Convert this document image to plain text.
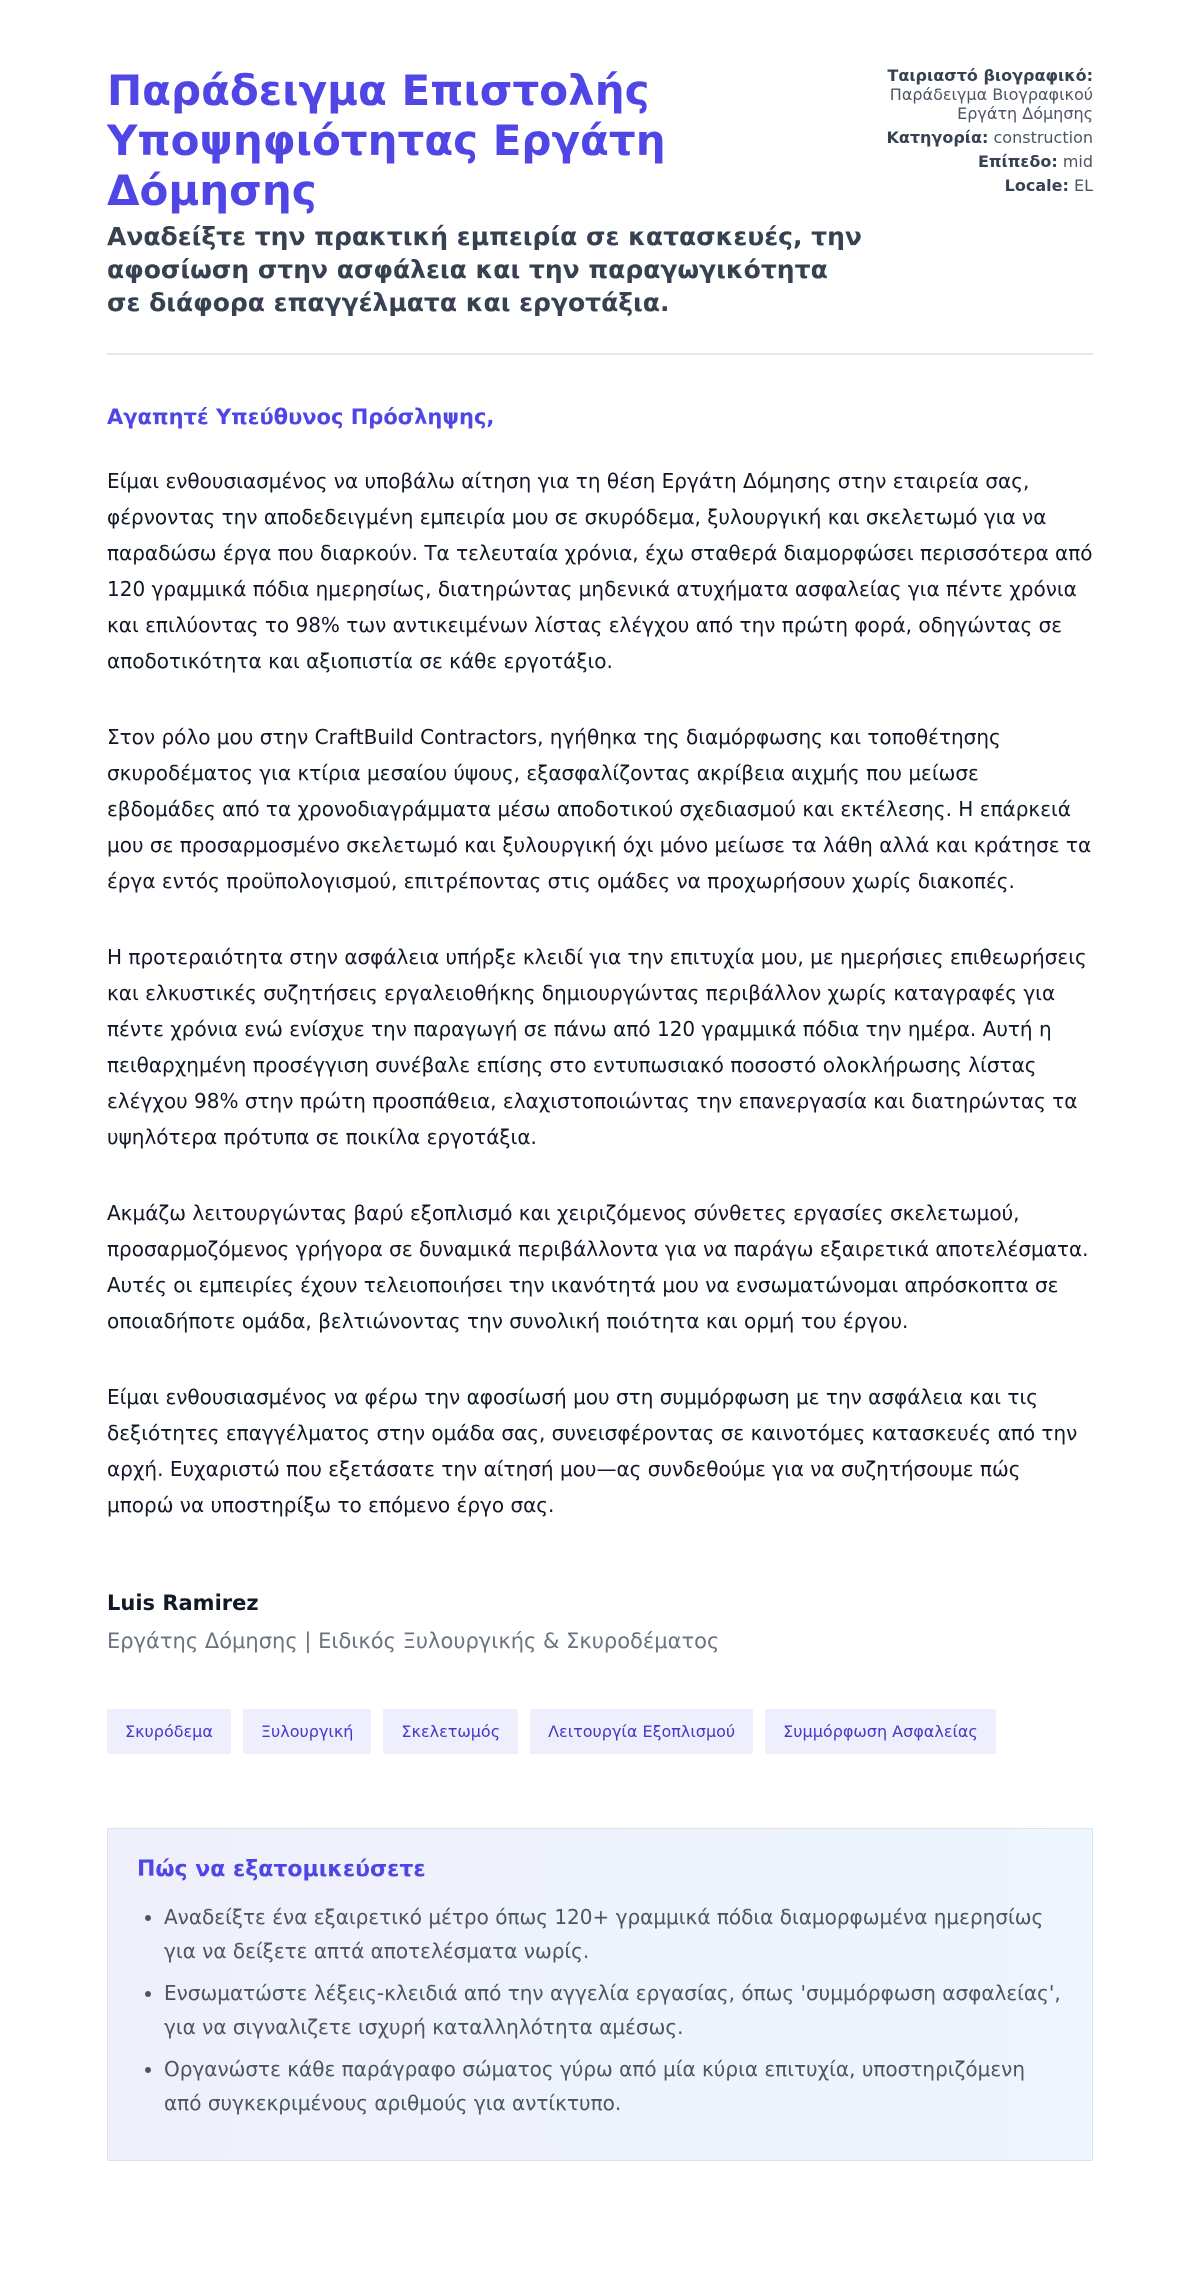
Παράδειγμα Επιστολής Υποψηφιότητας Εργάτη Δόμησης
Αναδείξτε την πρακτική εμπειρία σε κατασκευές, την αφοσίωση στην ασφάλεια και την παραγωγικότητα σε διάφορα επαγγέλματα και εργοτάξια.
Ταιριαστό βιογραφικό: Παράδειγμα Βιογραφικού Εργάτη Δόμησης
Κατηγορία: construction
Επίπεδο: mid
Locale: EL
Αγαπητέ Υπεύθυνος Πρόσληψης,

Είμαι ενθουσιασμένος να υποβάλω αίτηση για τη θέση Εργάτη Δόμησης στην εταιρεία σας, φέρνοντας την αποδεδειγμένη εμπειρία μου σε σκυρόδεμα, ξυλουργική και σκελετωμό για να παραδώσω έργα που διαρκούν. Τα τελευταία χρόνια, έχω σταθερά διαμορφώσει περισσότερα από 120 γραμμικά πόδια ημερησίως, διατηρώντας μηδενικά ατυχήματα ασφαλείας για πέντε χρόνια και επιλύοντας το 98% των αντικειμένων λίστας ελέγχου από την πρώτη φορά, οδηγώντας σε αποδοτικότητα και αξιοπιστία σε κάθε εργοτάξιο.

Στον ρόλο μου στην CraftBuild Contractors, ηγήθηκα της διαμόρφωσης και τοποθέτησης σκυροδέματος για κτίρια μεσαίου ύψους, εξασφαλίζοντας ακρίβεια αιχμής που μείωσε εβδομάδες από τα χρονοδιαγράμματα μέσω αποδοτικού σχεδιασμού και εκτέλεσης. Η επάρκειά μου σε προσαρμοσμένο σκελετωμό και ξυλουργική όχι μόνο μείωσε τα λάθη αλλά και κράτησε τα έργα εντός προϋπολογισμού, επιτρέποντας στις ομάδες να προχωρήσουν χωρίς διακοπές.

Η προτεραιότητα στην ασφάλεια υπήρξε κλειδί για την επιτυχία μου, με ημερήσιες επιθεωρήσεις και ελκυστικές συζητήσεις εργαλειοθήκης δημιουργώντας περιβάλλον χωρίς καταγραφές για πέντε χρόνια ενώ ενίσχυε την παραγωγή σε πάνω από 120 γραμμικά πόδια την ημέρα. Αυτή η πειθαρχημένη προσέγγιση συνέβαλε επίσης στο εντυπωσιακό ποσοστό ολοκλήρωσης λίστας ελέγχου 98% στην πρώτη προσπάθεια, ελαχιστοποιώντας την επανεργασία και διατηρώντας τα υψηλότερα πρότυπα σε ποικίλα εργοτάξια.

Ακμάζω λειτουργώντας βαρύ εξοπλισμό και χειριζόμενος σύνθετες εργασίες σκελετωμού, προσαρμοζόμενος γρήγορα σε δυναμικά περιβάλλοντα για να παράγω εξαιρετικά αποτελέσματα. Αυτές οι εμπειρίες έχουν τελειοποιήσει την ικανότητά μου να ενσωματώνομαι απρόσκοπτα σε οποιαδήποτε ομάδα, βελτιώνοντας την συνολική ποιότητα και ορμή του έργου.

Είμαι ενθουσιασμένος να φέρω την αφοσίωσή μου στη συμμόρφωση με την ασφάλεια και τις δεξιότητες επαγγέλματος στην ομάδα σας, συνεισφέροντας σε καινοτόμες κατασκευές από την αρχή. Ευχαριστώ που εξετάσατε την αίτησή μου—ας συνδεθούμε για να συζητήσουμε πώς μπορώ να υποστηρίξω το επόμενο έργο σας.

Luis Ramirez
Εργάτης Δόμησης | Ειδικός Ξυλουργικής & Σκυροδέματος
Σκυρόδεμα	Ξυλουργική	Σκελετωμός	Λειτουργία Εξοπλισμού	Συμμόρφωση Ασφαλείας
Πώς να εξατομικεύσετε
• Αναδείξτε ένα εξαιρετικό μέτρο όπως 120+ γραμμικά πόδια διαμορφωμένα ημερησίως για να δείξετε απτά αποτελέσματα νωρίς.
• Ενσωματώστε λέξεις-κλειδιά από την αγγελία εργασίας, όπως 'συμμόρφωση ασφαλείας', για να σιγναλιζετε ισχυρή καταλληλότητα αμέσως.
• Οργανώστε κάθε παράγραφο σώματος γύρω από μία κύρια επιτυχία, υποστηριζόμενη από συγκεκριμένους αριθμούς για αντίκτυπο.
